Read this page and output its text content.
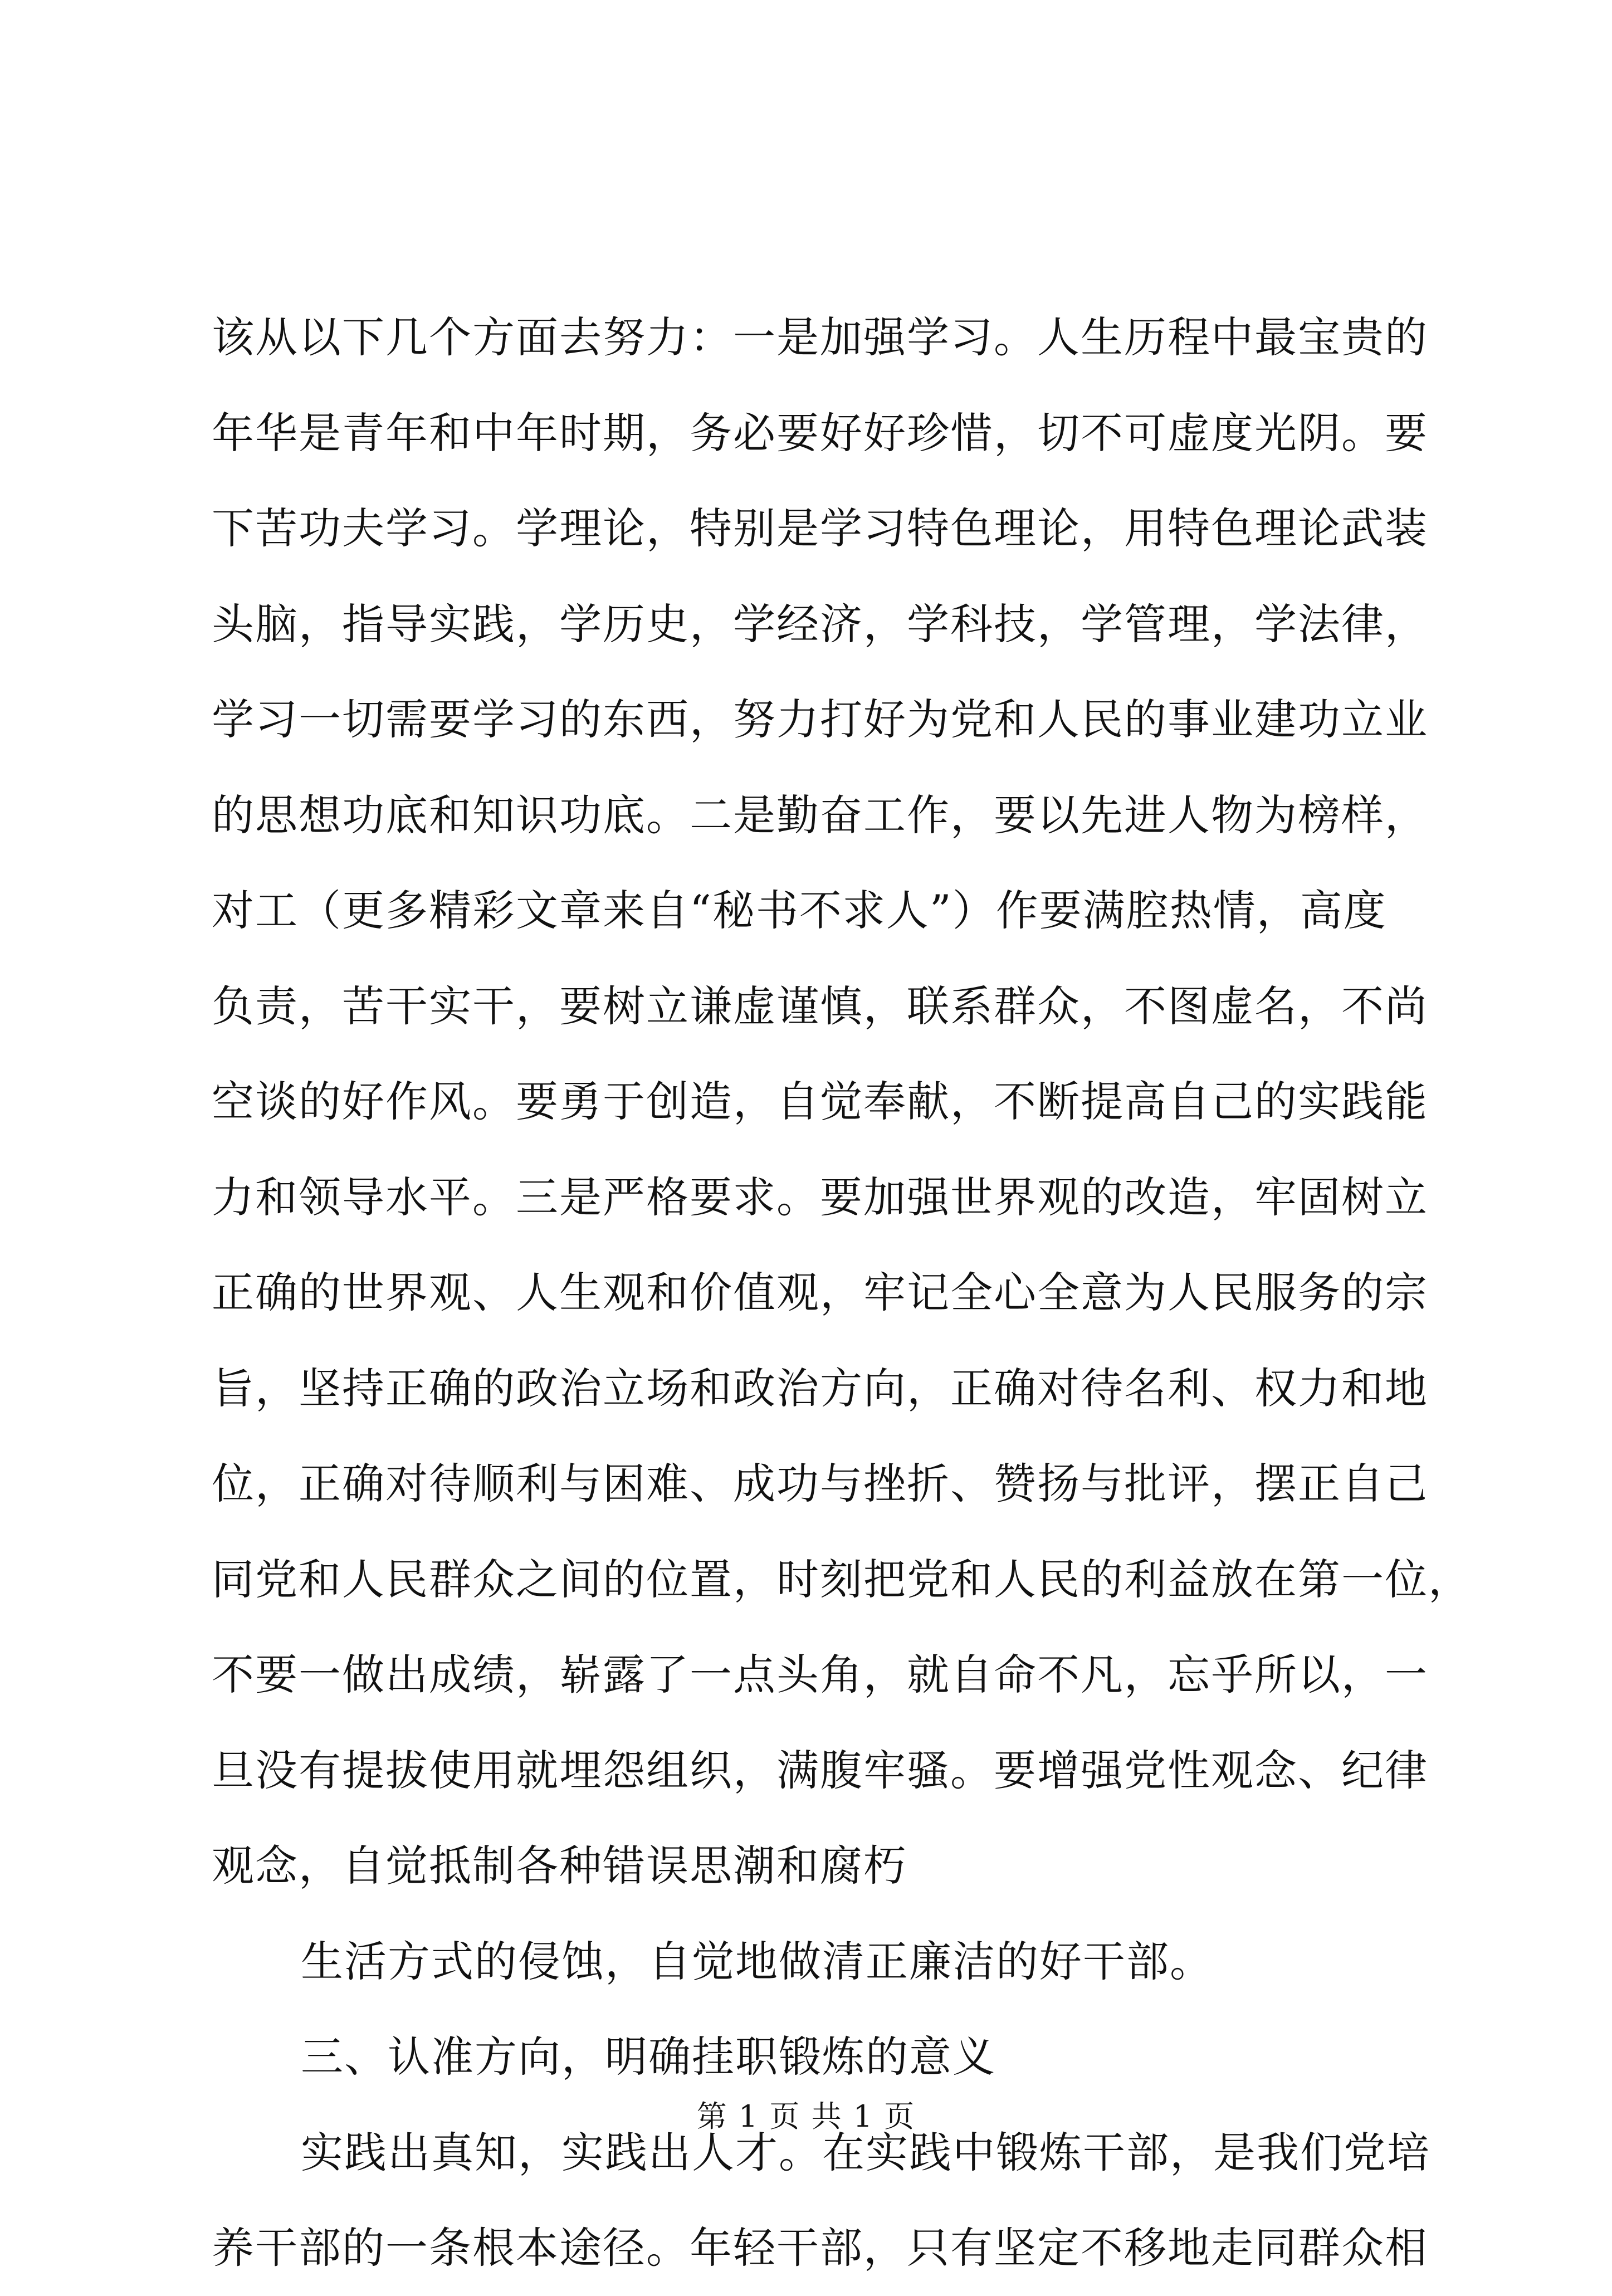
该从以下几个方面去努力：一是加强学习。人生历程中最宝贵的
年华是青年和中年时期，务必要好好珍惜，切不可虚度光阴。要
下苦功夫学习。学理论，特别是学习特色理论，用特色理论武装
头脑，指导实践，学历史，学经济，学科技，学管理，学法律，
学习一切需要学习的东西，努力打好为党和人民的事业建功立业
的思想功底和知识功底。二是勤奋工作，要以先进人物为榜样，
对工（更多精彩文章来自“秘书不求人”）作要满腔热情，高度
负责，苦干实干，要树立谦虚谨慎，联系群众，不图虚名，不尚
空谈的好作风。要勇于创造，自觉奉献，不断提高自己的实践能
力和领导水平。三是严格要求。要加强世界观的改造，牢固树立
正确的世界观、人生观和价值观，牢记全心全意为人民服务的宗
旨，坚持正确的政治立场和政治方向，正确对待名利、权力和地
位，正确对待顺利与困难、成功与挫折、赞扬与批评，摆正自己
同党和人民群众之间的位置，时刻把党和人民的利益放在第一位，
不要一做出成绩，崭露了一点头角，就自命不凡，忘乎所以，一
旦没有提拔使用就埋怨组织，满腹牢骚。要增强党性观念、纪律
观念，自觉抵制各种错误思潮和腐朽
生活方式的侵蚀，自觉地做清正廉洁的好干部。
三、认准方向，明确挂职锻炼的意义
实践出真知，实践出人才。在实践中锻炼干部，是我们党培
养干部的一条根本途径。年轻干部，只有坚定不移地走同群众相
第 1 页 共 1 页
